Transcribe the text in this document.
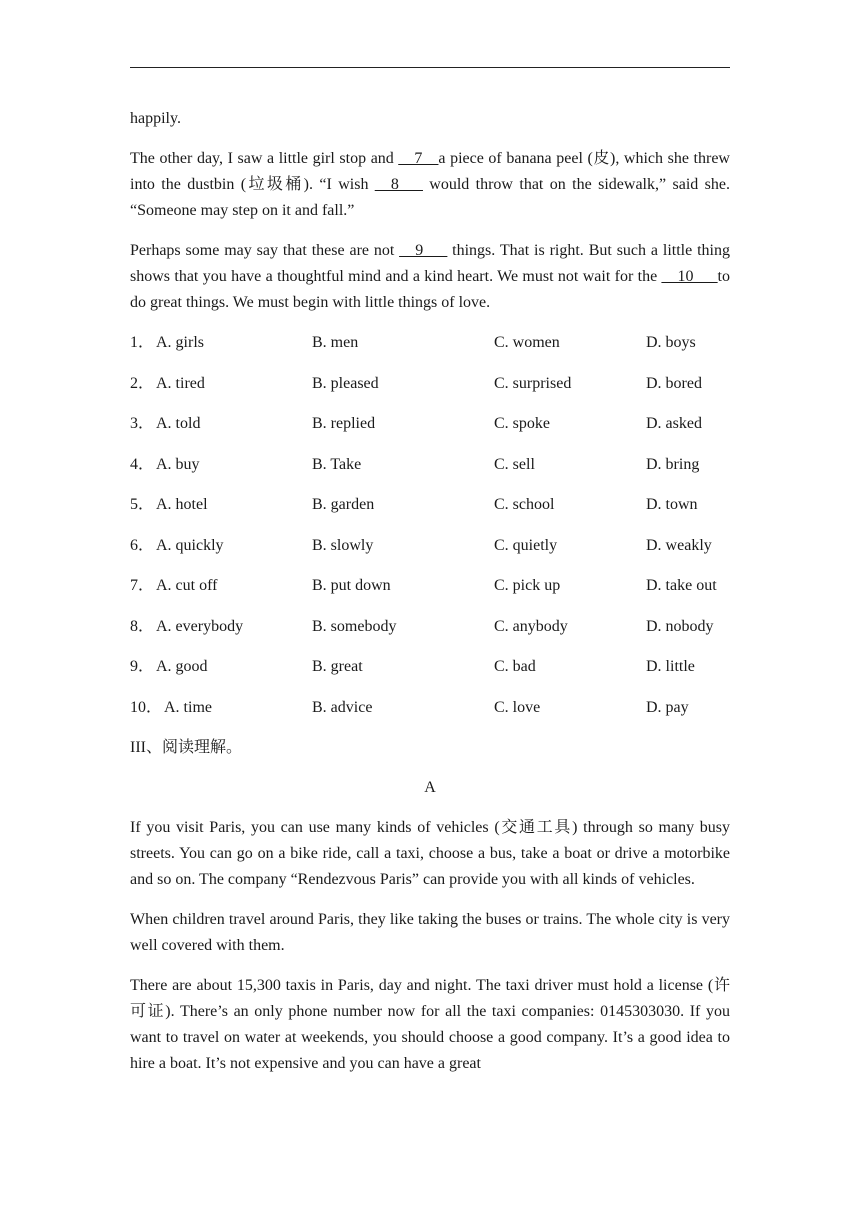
happily.

The other day, I saw a little girl stop and __7__a piece of banana peel (皮), which she threw into the dustbin (垃圾桶). “I wish __8___ would throw that on the sidewalk,” said she. “Someone may step on it and fall.”

Perhaps some may say that these are not __9___ things. That is right. But such a little thing shows that you have a thoughtful mind and a kind heart. We must not wait for the __10___to do great things. We must begin with little things of love.

1． A. girls	B. men	C. women	D. boys
2． A. tired	B. pleased	C. surprised	D. bored
3． A. told	B. replied	C. spoke	D. asked
4． A. buy	B. Take	C. sell	D. bring
5． A. hotel	B. garden	C. school	D. town
6． A. quickly	B. slowly	C. quietly	D. weakly
7． A. cut off	B. put down	C. pick up	D. take out
8． A. everybody	B. somebody	C. anybody	D. nobody
9． A. good	B. great	C. bad	D. little
10． A. time	B. advice	C. love	D. pay

III、阅读理解。

A

If you visit Paris, you can use many kinds of vehicles (交通工具) through so many busy streets. You can go on a bike ride, call a taxi, choose a bus, take a boat or drive a motorbike and so on. The company “Rendezvous Paris” can provide you with all kinds of vehicles.

When children travel around Paris, they like taking the buses or trains. The whole city is very well covered with them.

There are about 15,300 taxis in Paris, day and night. The taxi driver must hold a license (许可证). There’s an only phone number now for all the taxi companies: 0145303030. If you want to travel on water at weekends, you should choose a good company. It’s a good idea to hire a boat. It’s not expensive and you can have a great
